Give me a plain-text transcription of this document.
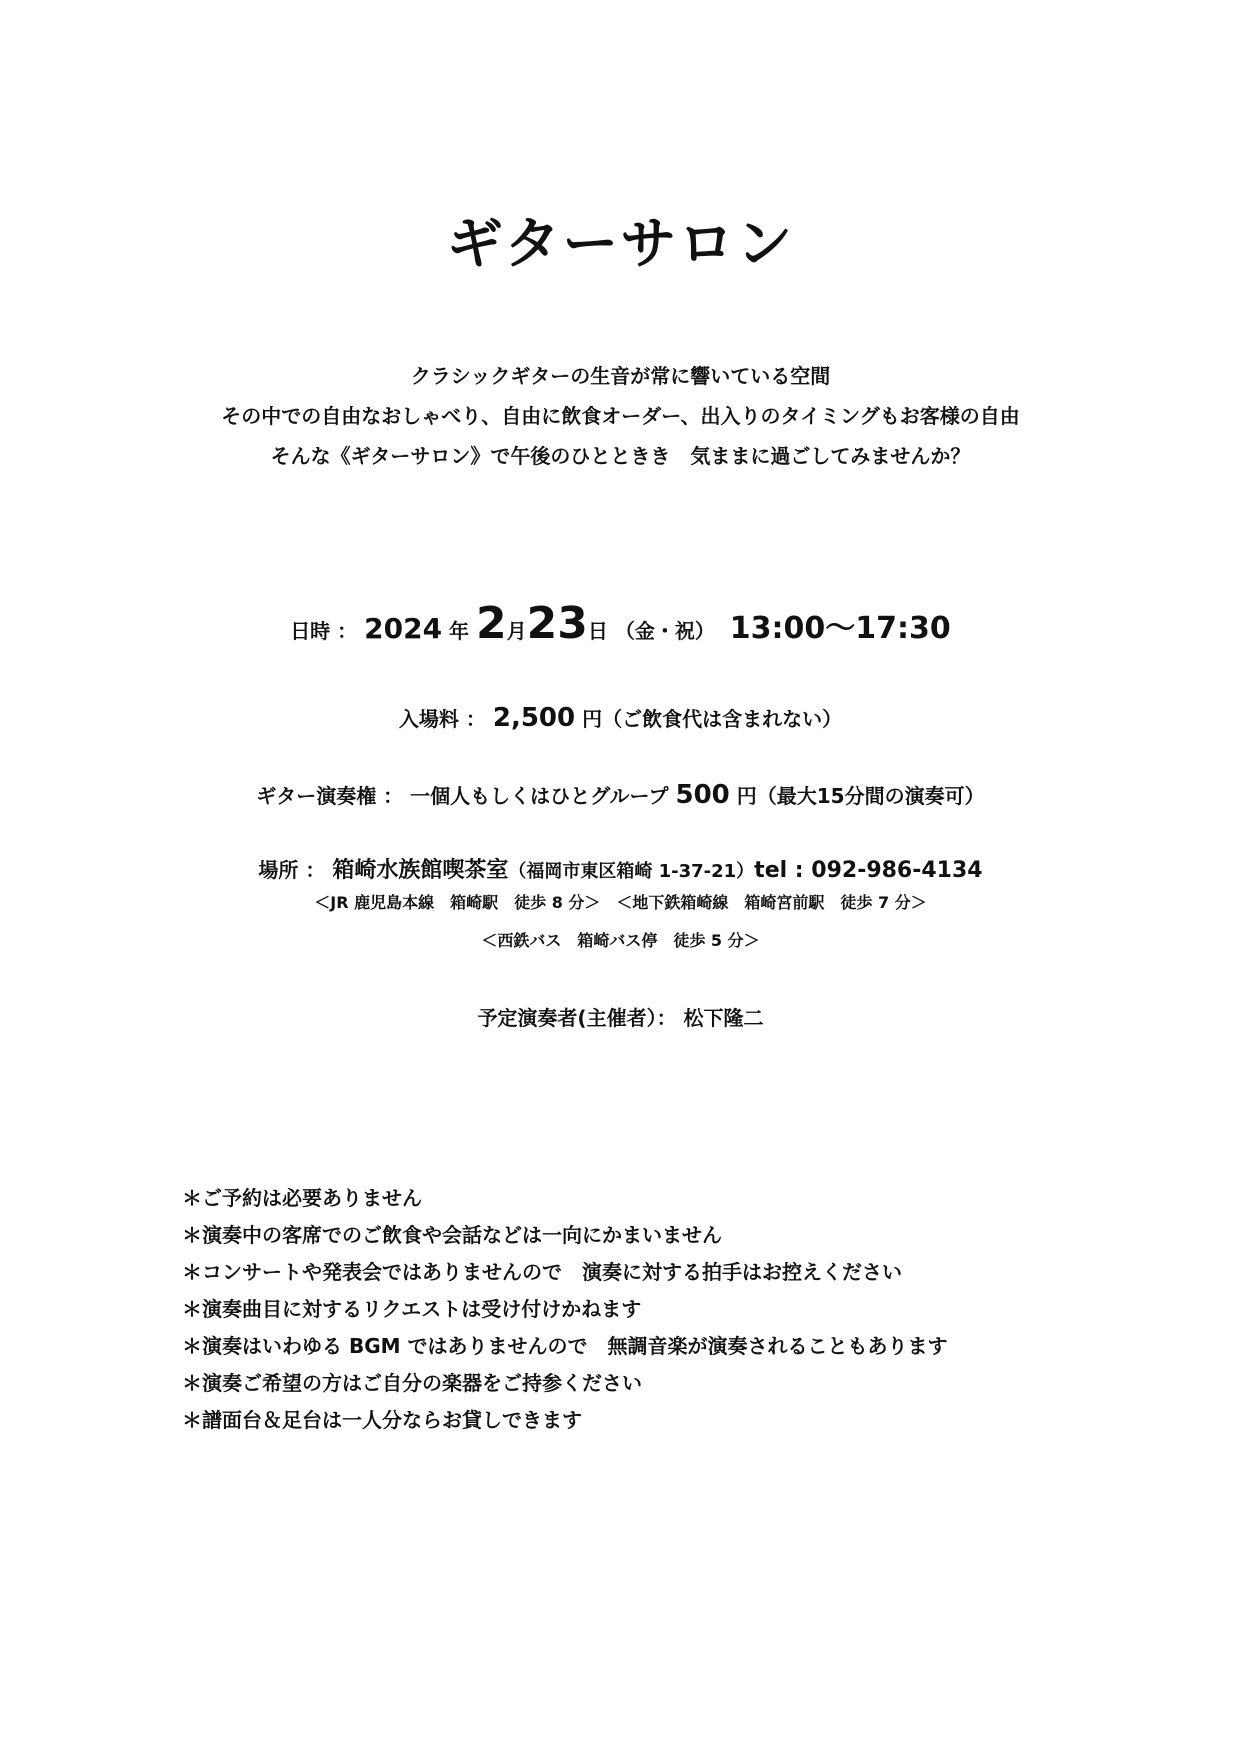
ギターサロン
クラシックギターの生音が常に響いている空間
その中での自由なおしゃべり、自由に飲食オーダー、出入りのタイミングもお客様の自由
そんな《ギターサロン》で午後のひとときき　気ままに過ごしてみませんか？
日時 ： 2024 年 2月23日 （金・祝） 13:00～17:30
入場料 ： 2,500 円（ご飲食代は含まれない）
ギター演奏権 ： 一個人もしくはひとグループ 500 円（最大15分間の演奏可）
場所 ： 箱崎水族館喫茶室（福岡市東区箱崎 1-37-21）tel : 092-986-4134
＜JR 鹿児島本線　箱崎駅　徒歩 8 分＞　＜地下鉄箱崎線　箱崎宮前駅　徒歩 7 分＞
＜西鉄バス　箱崎バス停　徒歩 5 分＞
予定演奏者(主催者）： 松下隆二
＊ご予約は必要ありません
＊演奏中の客席でのご飲食や会話などは一向にかまいません
＊コンサートや発表会ではありませんので　演奏に対する拍手はお控えください
＊演奏曲目に対するリクエストは受け付けかねます
＊演奏はいわゆる BGM ではありませんので　無調音楽が演奏されることもあります
＊演奏ご希望の方はご自分の楽器をご持参ください
＊譜面台＆足台は一人分ならお貸しできます
